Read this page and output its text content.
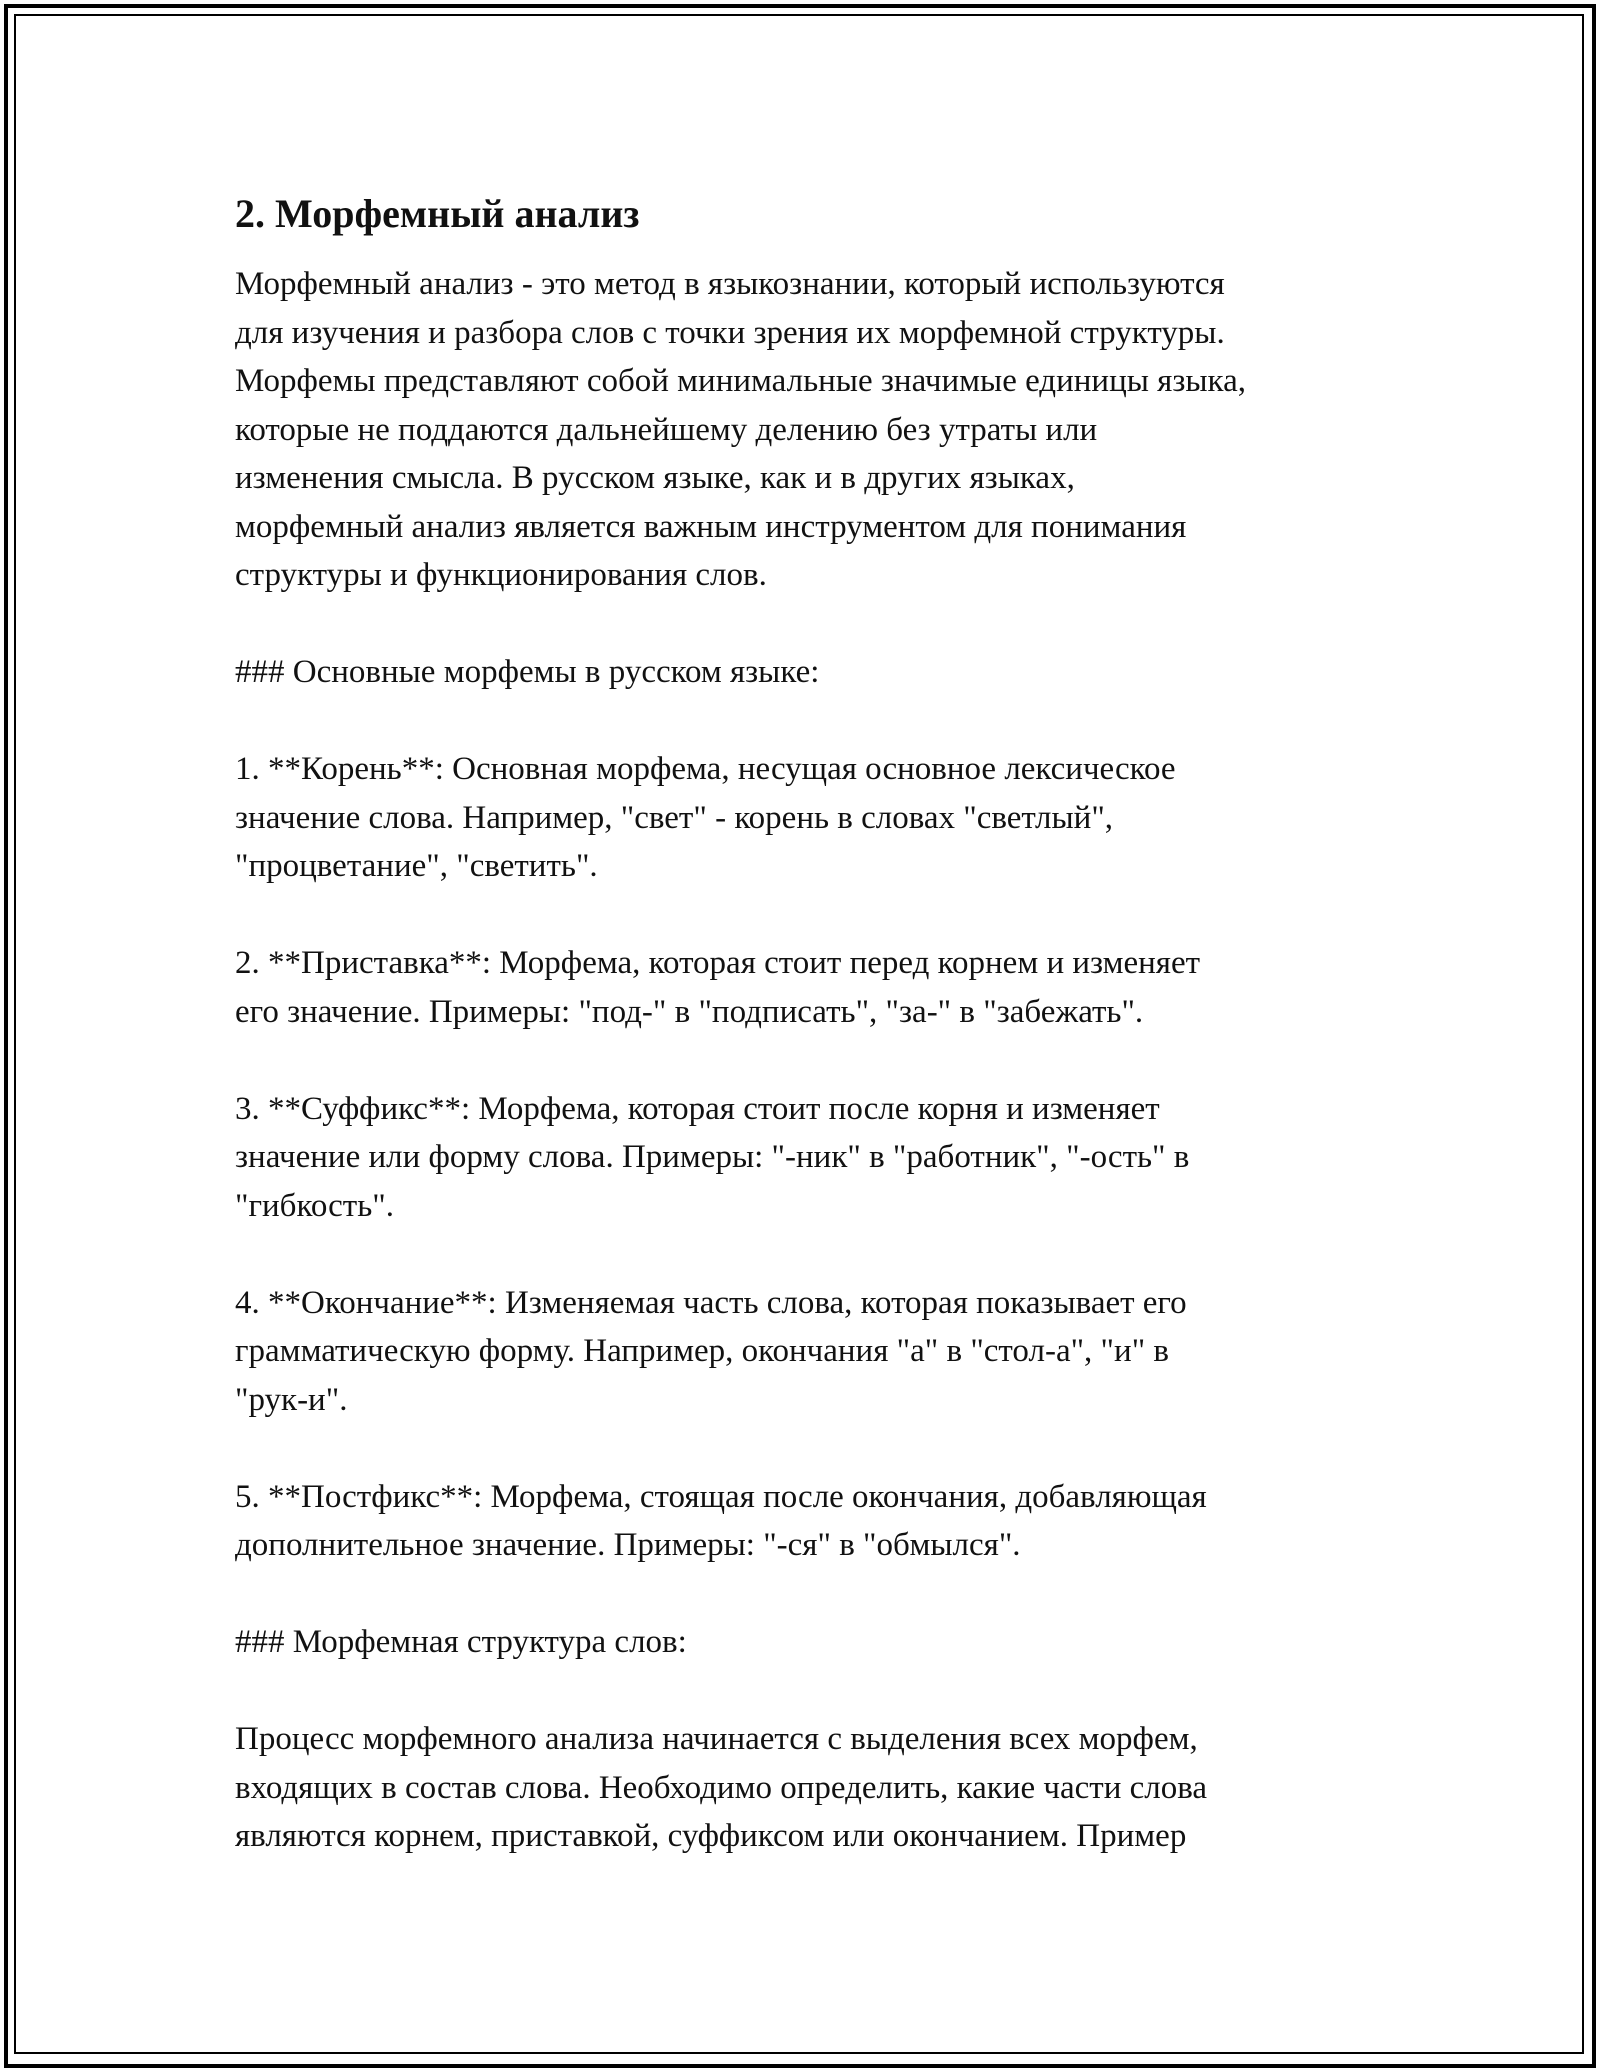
2. Морфемный анализ

Морфемный анализ - это метод в языкознании, который используются
для изучения и разбора слов с точки зрения их морфемной структуры.
Морфемы представляют собой минимальные значимые единицы языка,
которые не поддаются дальнейшему делению без утраты или
изменения смысла. В русском языке, как и в других языках,
морфемный анализ является важным инструментом для понимания
структуры и функционирования слов.

### Основные морфемы в русском языке:

1. **Корень**: Основная морфема, несущая основное лексическое
значение слова. Например, "свет" - корень в словах "светлый",
"процветание", "светить".

2. **Приставка**: Морфема, которая стоит перед корнем и изменяет
его значение. Примеры: "под-" в "подписать", "за-" в "забежать".

3. **Суффикс**: Морфема, которая стоит после корня и изменяет
значение или форму слова. Примеры: "-ник" в "работник", "-ость" в
"гибкость".

4. **Окончание**: Изменяемая часть слова, которая показывает его
грамматическую форму. Например, окончания "а" в "стол-а", "и" в
"рук-и".

5. **Постфикс**: Морфема, стоящая после окончания, добавляющая
дополнительное значение. Примеры: "-ся" в "обмылся".

### Морфемная структура слов:

Процесс морфемного анализа начинается с выделения всех морфем,
входящих в состав слова. Необходимо определить, какие части слова
являются корнем, приставкой, суффиксом или окончанием. Пример
